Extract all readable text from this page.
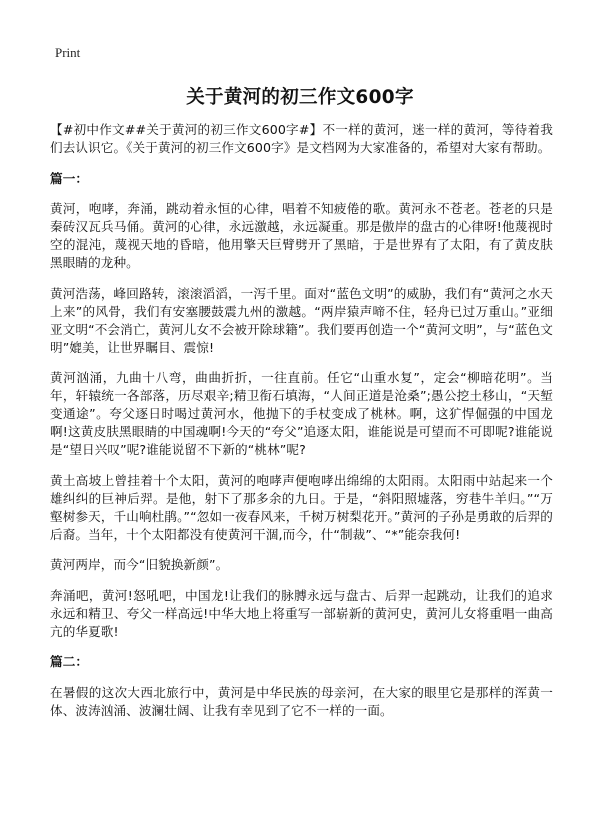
Print
关于黄河的初三作文600字

【#初中作文##关于黄河的初三作文600字#】不一样的黄河，迷一样的黄河，等待着我们去认识它。《关于黄河的初三作文600字》是文档网为大家准备的，希望对大家有帮助。

篇一：

黄河，咆哮，奔涌，跳动着永恒的心律，唱着不知疲倦的歌。黄河永不苍老。苍老的只是秦砖汉瓦兵马俑。黄河的心律，永远激越，永远凝重。那是傲岸的盘古的心律呀!他蔑视时空的混沌，蔑视天地的昏暗，他用擎天巨臂劈开了黑暗，于是世界有了太阳，有了黄皮肤黑眼睛的龙种。

黄河浩荡，峰回路转，滚滚滔滔，一泻千里。面对“蓝色文明”的威胁，我们有“黄河之水天上来”的风骨，我们有安塞腰鼓震九州的激越。“两岸猿声啼不住，轻舟已过万重山。”亚细亚文明“不会消亡，黄河儿女不会被开除球籍”。我们要再创造一个“黄河文明”，与“蓝色文明”媲美，让世界瞩目、震惊!

黄河汹涌，九曲十八弯，曲曲折折，一往直前。任它“山重水复”，定会“柳暗花明”。当年，轩辕统一各部落，历尽艰辛;精卫衔石填海，“人间正道是沧桑”;愚公挖土移山，“天堑变通途”。夸父逐日时喝过黄河水，他抛下的手杖变成了桃林。啊，这犷悍倔强的中国龙啊!这黄皮肤黑眼睛的中国魂啊!今天的“夸父”追逐太阳，谁能说是可望而不可即呢?谁能说是“望日兴叹”呢?谁能说留不下新的“桃林”呢?

黄土高坡上曾挂着十个太阳，黄河的咆哮声便咆哮出绵绵的太阳雨。太阳雨中站起来一个雄纠纠的巨神后羿。是他，射下了那多余的九日。于是，“斜阳照墟落，穷巷牛羊归。”“万壑树参天，千山响杜鹃。”“忽如一夜春风来，千树万树梨花开。”黄河的子孙是勇敢的后羿的后裔。当年，十个太阳都没有使黄河干涸,而今，什“制裁”、“*”能奈我何!

黄河两岸，而今“旧貌换新颜”。

奔涌吧，黄河!怒吼吧，中国龙!让我们的脉膊永远与盘古、后羿一起跳动，让我们的追求永远和精卫、夸父一样高远!中华大地上将重写一部崭新的黄河史，黄河儿女将重唱一曲高亢的华夏歌!

篇二：

在暑假的这次大西北旅行中，黄河是中华民族的母亲河，在大家的眼里它是那样的浑黄一体、波涛汹涌、波澜壮阔、让我有幸见到了它不一样的一面。
